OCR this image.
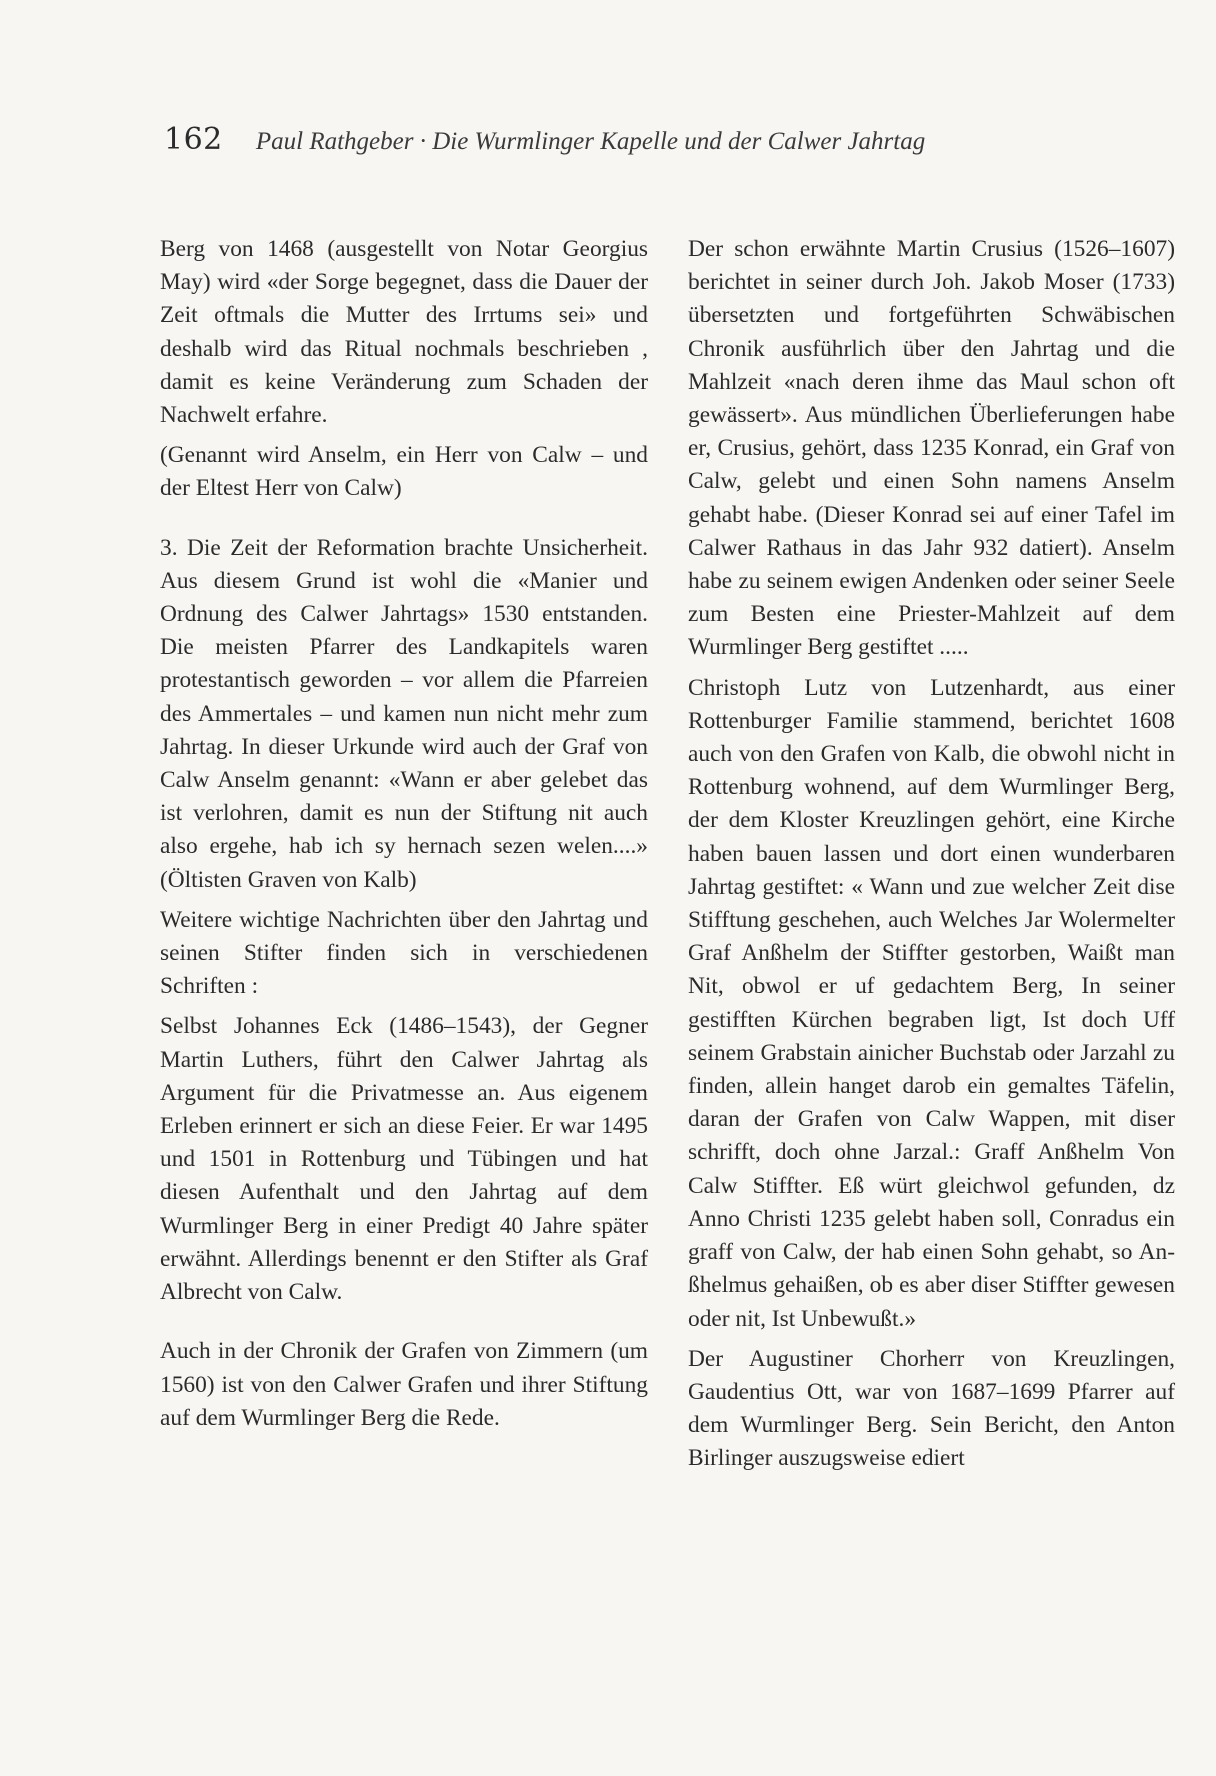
162 Paul Rathgeber · Die Wurmlinger Kapelle und der Calwer Jahrtag

Berg von 1468 (ausgestellt von Notar Georgius May) wird «der Sorge begegnet, dass die Dauer der Zeit oftmals die Mutter des Irrtums sei» und deshalb wird das Ritual nochmals beschrieben , damit es keine Veränderung zum Schaden der Nachwelt erfahre.

(Genannt wird Anselm, ein Herr von Calw – und der Eltest Herr von Calw)

3. Die Zeit der Reformation brachte Unsicherheit. Aus diesem Grund ist wohl die «Manier und Ordnung des Calwer Jahrtags» 1530 entstanden. Die meisten Pfarrer des Landkapitels waren protestantisch geworden – vor allem die Pfarreien des Ammertales – und kamen nun nicht mehr zum Jahrtag. In dieser Urkunde wird auch der Graf von Calw Anselm genannt: «Wann er aber gelebet das ist verlohren, damit es nun der Stiftung nit auch also ergehe, hab ich sy hernach sezen welen....» (Öltisten Graven von Kalb)

Weitere wichtige Nachrichten über den Jahrtag und seinen Stifter finden sich in verschiedenen Schriften :

Selbst Johannes Eck (1486–1543), der Gegner Martin Luthers, führt den Calwer Jahrtag als Argument für die Privatmesse an. Aus eigenem Erleben erinnert er sich an diese Feier. Er war 1495 und 1501 in Rottenburg und Tübingen und hat diesen Aufenthalt und den Jahrtag auf dem Wurmlinger Berg in einer Predigt 40 Jahre später erwähnt. Allerdings benennt er den Stifter als Graf Albrecht von Calw.

Auch in der Chronik der Grafen von Zimmern (um 1560) ist von den Calwer Grafen und ihrer Stiftung auf dem Wurmlinger Berg die Rede.

Der schon erwähnte Martin Crusius (1526–1607) berichtet in seiner durch Joh. Jakob Moser (1733) übersetzten und fortgeführten Schwäbischen Chronik ausführlich über den Jahrtag und die Mahlzeit «nach deren ihme das Maul schon oft gewässert». Aus mündlichen Überlieferungen habe er, Crusius, gehört, dass 1235 Konrad, ein Graf von Calw, gelebt und einen Sohn namens Anselm gehabt habe. (Dieser Konrad sei auf einer Tafel im Calwer Rathaus in das Jahr 932 datiert). Anselm habe zu seinem ewigen Andenken oder seiner Seele zum Besten eine Priester-Mahlzeit auf dem Wurmlinger Berg gestiftet .....

Christoph Lutz von Lutzenhardt, aus einer Rottenburger Familie stammend, berichtet 1608 auch von den Grafen von Kalb, die obwohl nicht in Rottenburg wohnend, auf dem Wurmlinger Berg, der dem Kloster Kreuzlingen gehört, eine Kirche haben bauen lassen und dort einen wunderbaren Jahrtag gestiftet: « Wann und zue welcher Zeit dise Stifftung geschehen, auch Welches Jar Wolermelter Graf Anßhelm der Stiffter gestorben, Waißt man Nit, obwol er uf gedachtem Berg, In seiner gestifften Kürchen begraben ligt, Ist doch Uff seinem Grabstain ainicher Buchstab oder Jarzahl zu finden, allein hanget darob ein gemaltes Täfelin, daran der Grafen von Calw Wappen, mit diser schrifft, doch ohne Jarzal.: Graff Anßhelm Von Calw Stiffter. Eß würt gleichwol gefunden, dz Anno Christi 1235 gelebt haben soll, Conradus ein graff von Calw, der hab einen Sohn gehabt, so Anßhelmus gehaißen, ob es aber diser Stiffter gewesen oder nit, Ist Unbewußt.»

Der Augustiner Chorherr von Kreuzlingen, Gaudentius Ott, war von 1687–1699 Pfarrer auf dem Wurmlinger Berg. Sein Bericht, den Anton Birlinger auszugsweise ediert
